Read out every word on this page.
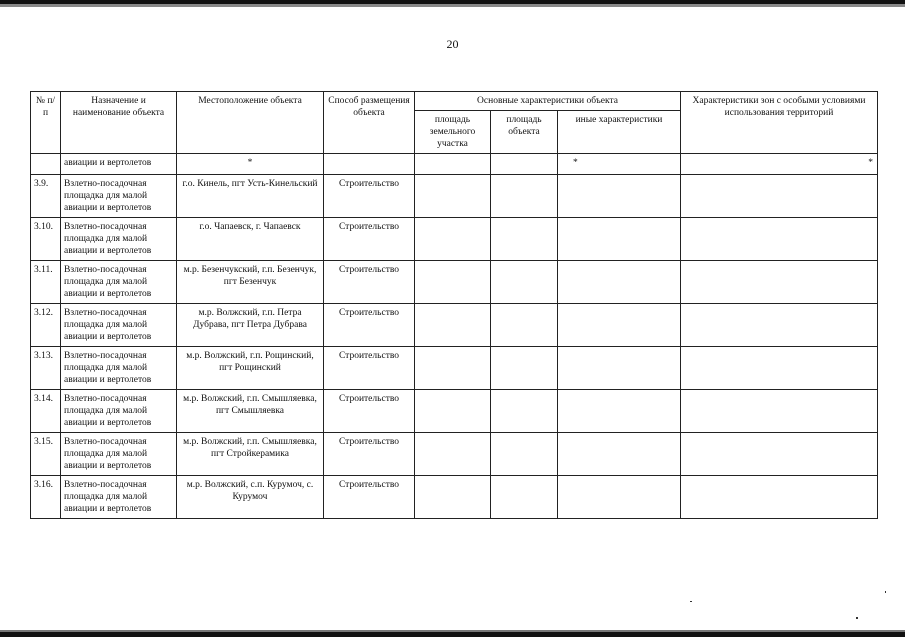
20
№ п/п	Назначение и наименование объекта	Местоположение объекта	Способ размещения объекта	Основные характеристики объекта			Характеристики зон с особыми условиями использования территорий
				площадь земельного участка	площадь объекта	иные характеристики	
	авиации и вертолетов	*				*	*
3.9.	Взлетно-посадочная площадка для малой авиации и вертолетов	г.о. Кинель, пгт Усть-Кинельский	Строительство				
3.10.	Взлетно-посадочная площадка для малой авиации и вертолетов	г.о. Чапаевск, г. Чапаевск	Строительство				
3.11.	Взлетно-посадочная площадка для малой авиации и вертолетов	м.р. Безенчукский, г.п. Безенчук, пгт Безенчук	Строительство				
3.12.	Взлетно-посадочная площадка для малой авиации и вертолетов	м.р. Волжский, г.п. Петра Дубрава, пгт Петра Дубрава	Строительство				
3.13.	Взлетно-посадочная площадка для малой авиации и вертолетов	м.р. Волжский, г.п. Рощинский, пгт Рощинский	Строительство				
3.14.	Взлетно-посадочная площадка для малой авиации и вертолетов	м.р. Волжский, г.п. Смышляевка, пгт Смышляевка	Строительство				
3.15.	Взлетно-посадочная площадка для малой авиации и вертолетов	м.р. Волжский, г.п. Смышляевка, пгт Стройкерамика	Строительство				
3.16.	Взлетно-посадочная площадка для малой авиации и вертолетов	м.р. Волжский, с.п. Курумоч, с. Курумоч	Строительство				
